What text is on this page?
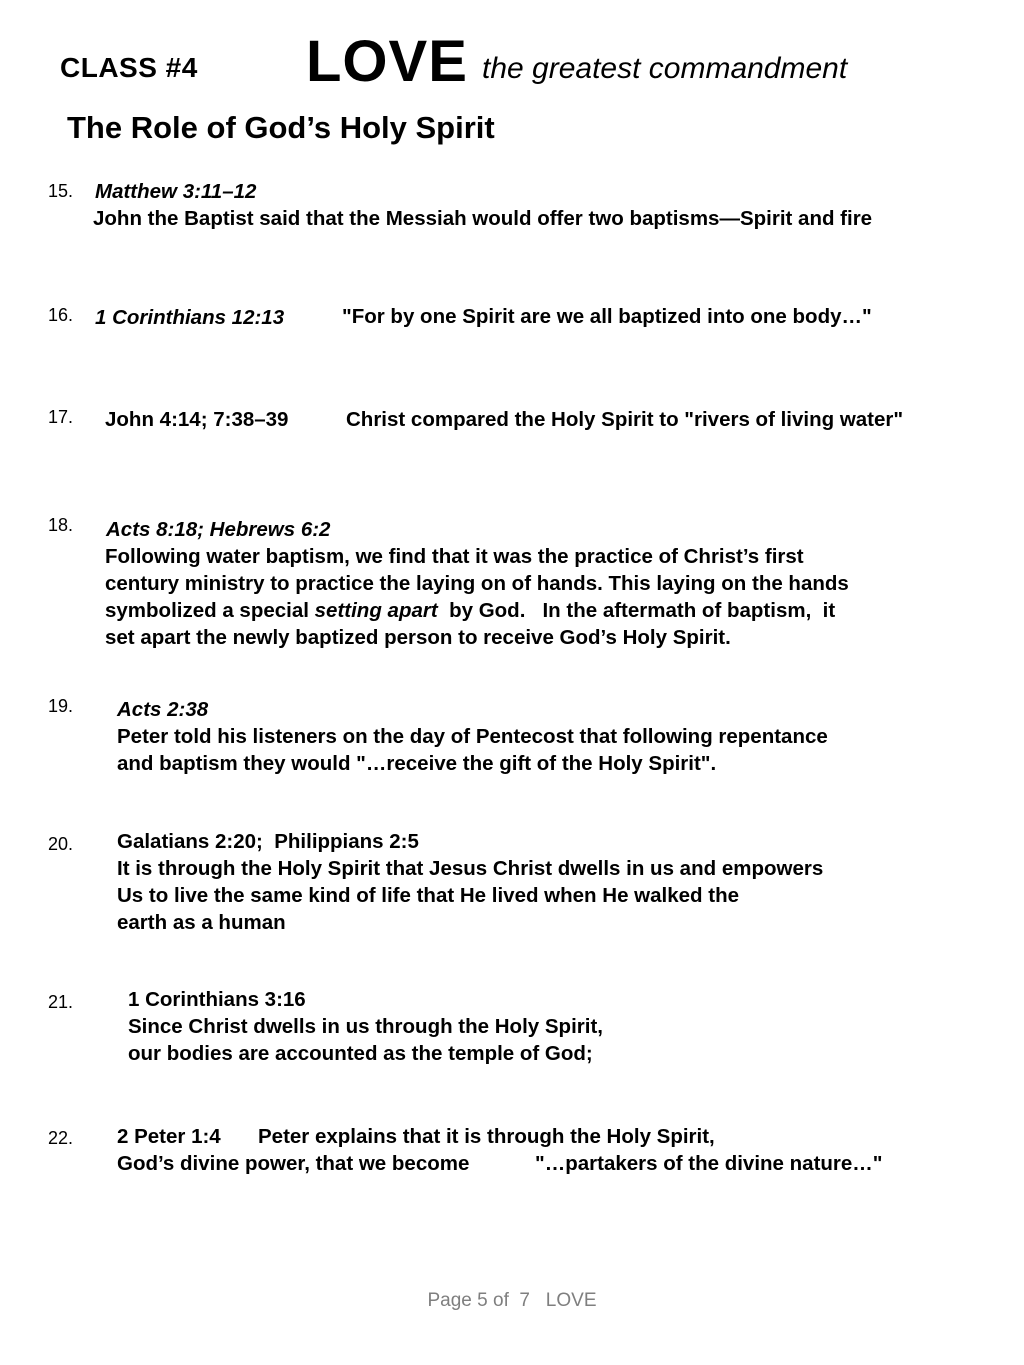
CLASS #4 LOVE the greatest commandment
The Role of God’s Holy Spirit
15. Matthew 3:11–12
John the Baptist said that the Messiah would offer two baptisms—Spirit and fire
16. 1 Corinthians 12:13	"For by one Spirit are we all baptized into one body…"
17. John 4:14; 7:38–39	Christ compared the Holy Spirit to "rivers of living water"
18. Acts 8:18; Hebrews 6:2
Following water baptism, we find that it was the practice of Christ’s first
century ministry to practice the laying on of hands. This laying on the hands
symbolized a special setting apart  by God.   In the aftermath of baptism,  it
set apart the newly baptized person to receive God’s Holy Spirit.
19. Acts 2:38
Peter told his listeners on the day of Pentecost that following repentance
and baptism they would "…receive the gift of the Holy Spirit".
20. Galatians 2:20;  Philippians 2:5
It is through the Holy Spirit that Jesus Christ dwells in us and empowers
Us to live the same kind of life that He lived when He walked the
earth as a human
21.	1 Corinthians 3:16
Since Christ dwells in us through the Holy Spirit,
our bodies are accounted as the temple of God;
22. 2 Peter 1:4 Peter explains that it is through the Holy Spirit,
God’s divine power, that we become	"…partakers of the divine nature…"
Page 5 of  7   LOVE
